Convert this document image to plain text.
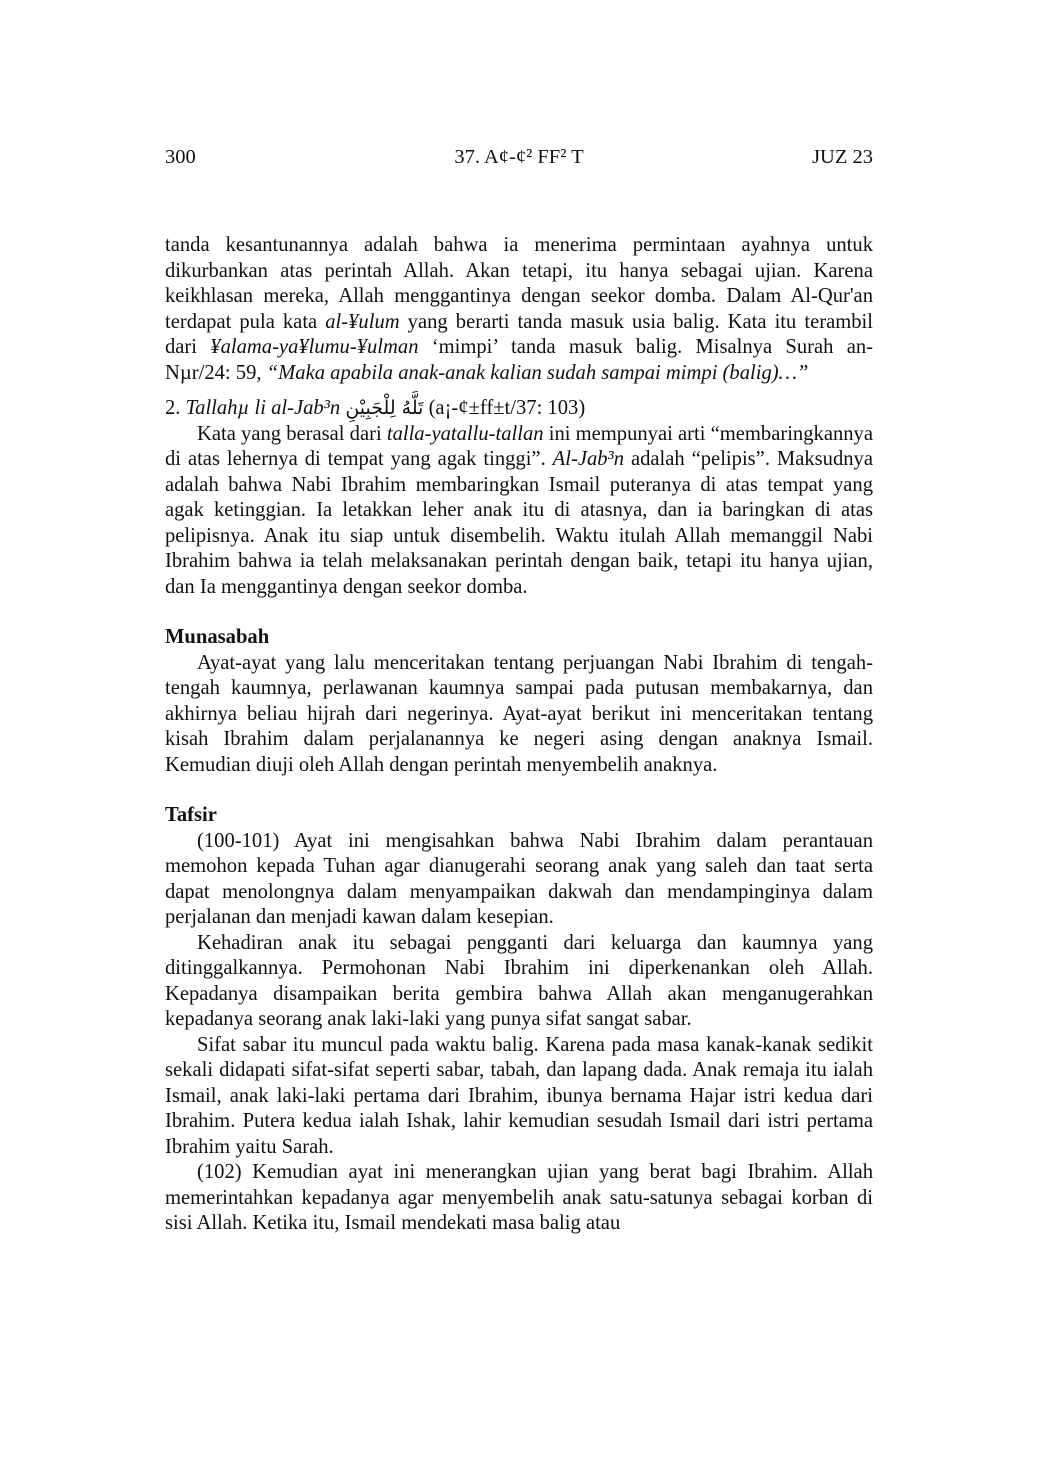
300	37. A¢-¢² FF² T	JUZ 23

tanda kesantunannya adalah bahwa ia menerima permintaan ayahnya untuk dikurbankan atas perintah Allah. Akan tetapi, itu hanya sebagai ujian. Karena keikhlasan mereka, Allah menggantinya dengan seekor domba. Dalam Al-Qur'an terdapat pula kata al-¥ulum yang berarti tanda masuk usia balig. Kata itu terambil dari ¥alama-ya¥lumu-¥ulman ‘mimpi’ tanda masuk balig. Misalnya Surah an-Nµr/24: 59, “Maka apabila anak-anak kalian sudah sampai mimpi (balig)…”

2. Tallahµ li al-Jab³n تَلَّهُ لِلْجَبِيْنِ (a¡-¢±ff±t/37: 103)

Kata yang berasal dari talla-yatallu-tallan ini mempunyai arti “membaringkannya di atas lehernya di tempat yang agak tinggi”. Al-Jab³n adalah “pelipis”. Maksudnya adalah bahwa Nabi Ibrahim membaringkan Ismail puteranya di atas tempat yang agak ketinggian. Ia letakkan leher anak itu di atasnya, dan ia baringkan di atas pelipisnya. Anak itu siap untuk disembelih. Waktu itulah Allah memanggil Nabi Ibrahim bahwa ia telah melaksanakan perintah dengan baik, tetapi itu hanya ujian, dan Ia menggantinya dengan seekor domba.

Munasabah

Ayat-ayat yang lalu menceritakan tentang perjuangan Nabi Ibrahim di tengah-tengah kaumnya, perlawanan kaumnya sampai pada putusan membakarnya, dan akhirnya beliau hijrah dari negerinya. Ayat-ayat berikut ini menceritakan tentang kisah Ibrahim dalam perjalanannya ke negeri asing dengan anaknya Ismail. Kemudian diuji oleh Allah dengan perintah menyembelih anaknya.

Tafsir

(100-101) Ayat ini mengisahkan bahwa Nabi Ibrahim dalam perantauan memohon kepada Tuhan agar dianugerahi seorang anak yang saleh dan taat serta dapat menolongnya dalam menyampaikan dakwah dan mendampinginya dalam perjalanan dan menjadi kawan dalam kesepian.

Kehadiran anak itu sebagai pengganti dari keluarga dan kaumnya yang ditinggalkannya. Permohonan Nabi Ibrahim ini diperkenankan oleh Allah. Kepadanya disampaikan berita gembira bahwa Allah akan menganugerahkan kepadanya seorang anak laki-laki yang punya sifat sangat sabar.

Sifat sabar itu muncul pada waktu balig. Karena pada masa kanak-kanak sedikit sekali didapati sifat-sifat seperti sabar, tabah, dan lapang dada. Anak remaja itu ialah Ismail, anak laki-laki pertama dari Ibrahim, ibunya bernama Hajar istri kedua dari Ibrahim. Putera kedua ialah Ishak, lahir kemudian sesudah Ismail dari istri pertama Ibrahim yaitu Sarah.

(102) Kemudian ayat ini menerangkan ujian yang berat bagi Ibrahim. Allah memerintahkan kepadanya agar menyembelih anak satu-satunya sebagai korban di sisi Allah. Ketika itu, Ismail mendekati masa balig atau
